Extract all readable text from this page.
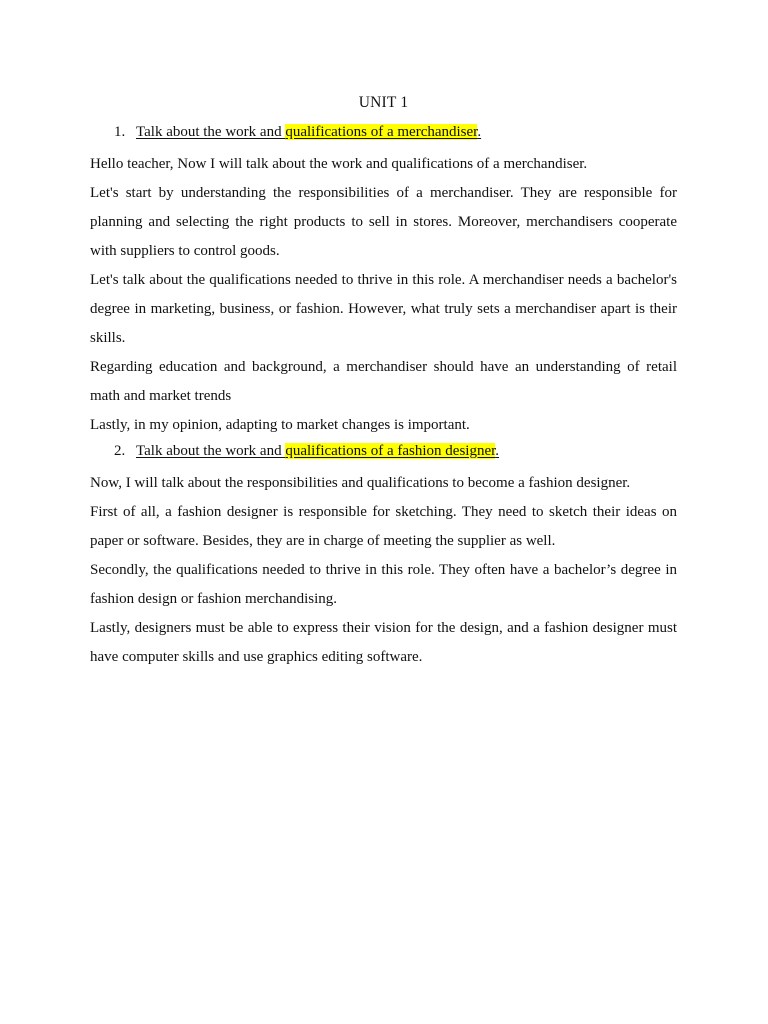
UNIT 1
1. Talk about the work and qualifications of a merchandiser.

Hello teacher, Now I will talk about the work and qualifications of a merchandiser.

Let's start by understanding the responsibilities of a merchandiser. They are responsible for planning and selecting the right products to sell in stores. Moreover, merchandisers cooperate with suppliers to control goods.

Let's talk about the qualifications needed to thrive in this role. A merchandiser needs a bachelor's degree in marketing, business, or fashion. However, what truly sets a merchandiser apart is their skills.

Regarding education and background, a merchandiser should have an understanding of retail math and market trends

Lastly, in my opinion, adapting to market changes is important.

2. Talk about the work and qualifications of a fashion designer.

Now, I will talk about the responsibilities and qualifications to become a fashion designer.

First of all, a fashion designer is responsible for sketching. They need to sketch their ideas on paper or software. Besides, they are in charge of meeting the supplier as well.

Secondly, the qualifications needed to thrive in this role. They often have a bachelor’s degree in fashion design or fashion merchandising.

Lastly, designers must be able to express their vision for the design, and a fashion designer must have computer skills and use graphics editing software.
